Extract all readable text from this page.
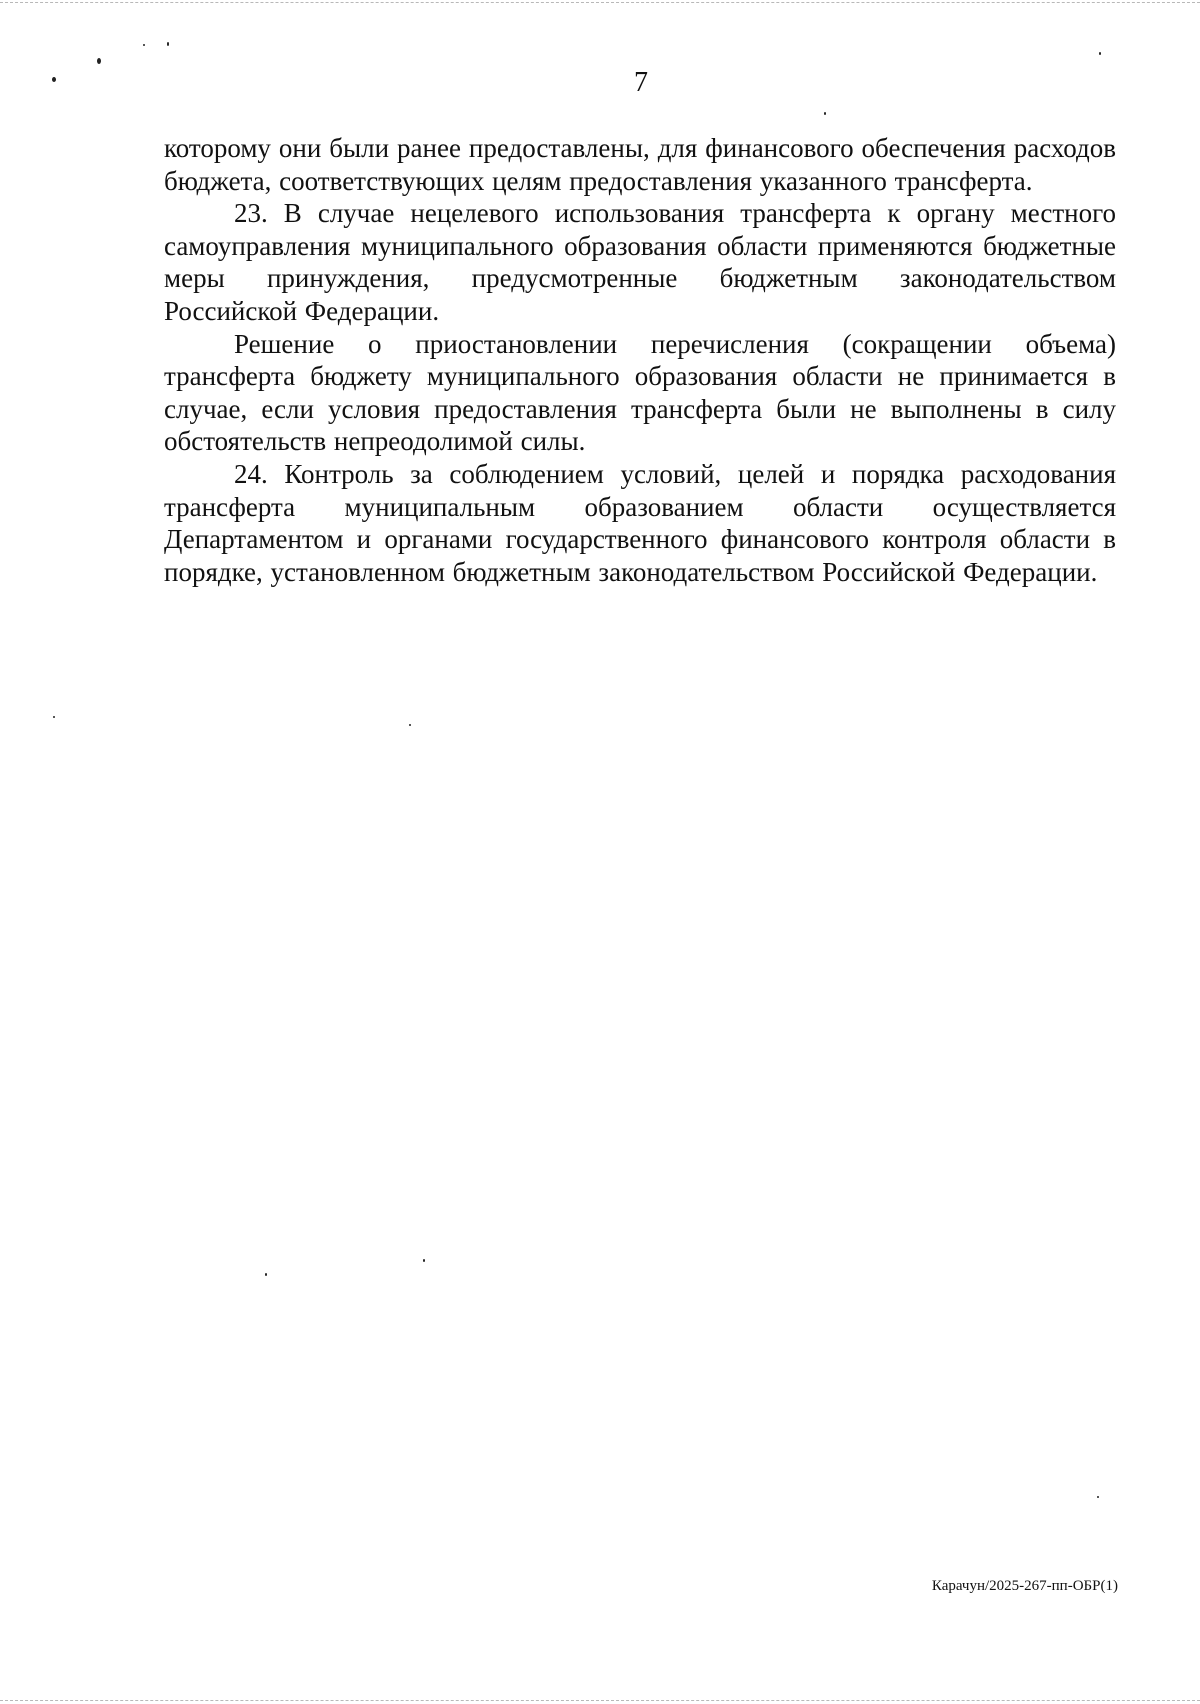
7

которому они были ранее предоставлены, для финансового обеспечения расходов бюджета, соответствующих целям предоставления указанного трансферта.

23. В случае нецелевого использования трансферта к органу местного самоуправления муниципального образования области применяются бюджетные меры принуждения, предусмотренные бюджетным законодательством Российской Федерации.

Решение о приостановлении перечисления (сокращении объема) трансферта бюджету муниципального образования области не принимается в случае, если условия предоставления трансферта были не выполнены в силу обстоятельств непреодолимой силы.

24. Контроль за соблюдением условий, целей и порядка расходования трансферта муниципальным образованием области осуществляется Департаментом и органами государственного финансового контроля области в порядке, установленном бюджетным законодательством Российской Федерации.

Карачун/2025-267-пп-ОБР(1)
